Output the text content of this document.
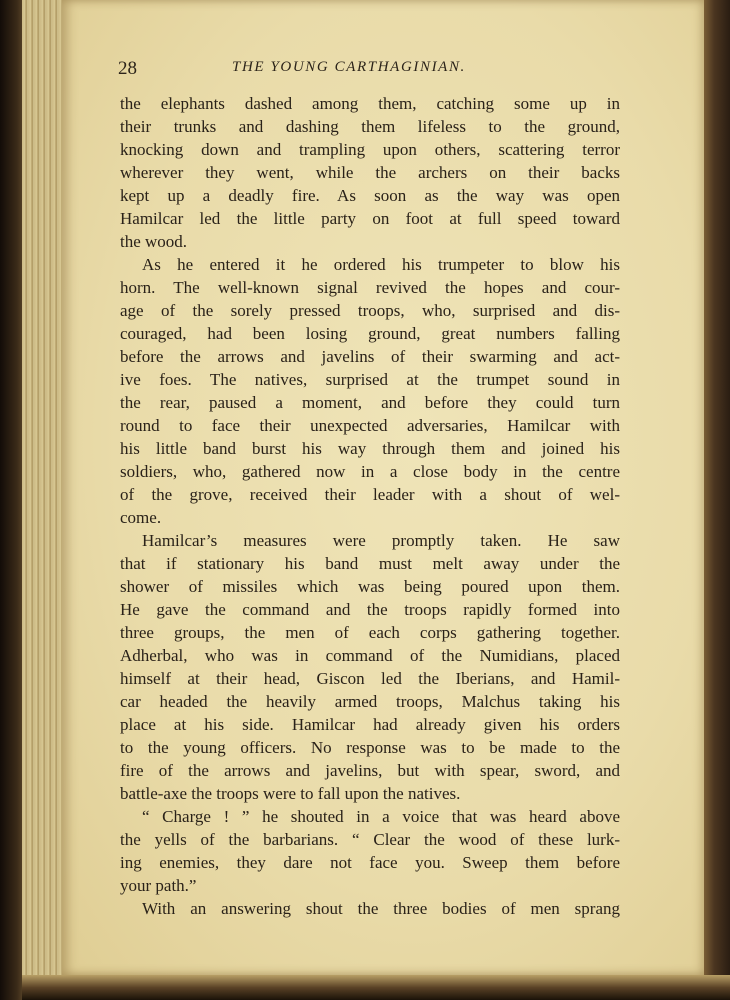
28	THE YOUNG CARTHAGINIAN.
the elephants dashed among them, catching some up in
their trunks and dashing them lifeless to the ground,
knocking down and trampling upon others, scattering terror
wherever they went, while the archers on their backs
kept up a deadly fire. As soon as the way was open
Hamilcar led the little party on foot at full speed toward
the wood.
As he entered it he ordered his trumpeter to blow his
horn. The well-known signal revived the hopes and cour-
age of the sorely pressed troops, who, surprised and dis-
couraged, had been losing ground, great numbers falling
before the arrows and javelins of their swarming and act-
ive foes. The natives, surprised at the trumpet sound in
the rear, paused a moment, and before they could turn
round to face their unexpected adversaries, Hamilcar with
his little band burst his way through them and joined his
soldiers, who, gathered now in a close body in the centre
of the grove, received their leader with a shout of wel-
come.
Hamilcar’s measures were promptly taken. He saw
that if stationary his band must melt away under the
shower of missiles which was being poured upon them.
He gave the command and the troops rapidly formed into
three groups, the men of each corps gathering together.
Adherbal, who was in command of the Numidians, placed
himself at their head, Giscon led the Iberians, and Hamil-
car headed the heavily armed troops, Malchus taking his
place at his side. Hamilcar had already given his orders
to the young officers. No response was to be made to the
fire of the arrows and javelins, but with spear, sword, and
battle-axe the troops were to fall upon the natives.
“ Charge ! ” he shouted in a voice that was heard above
the yells of the barbarians. “ Clear the wood of these lurk-
ing enemies, they dare not face you. Sweep them before
your path.”
With an answering shout the three bodies of men sprang
